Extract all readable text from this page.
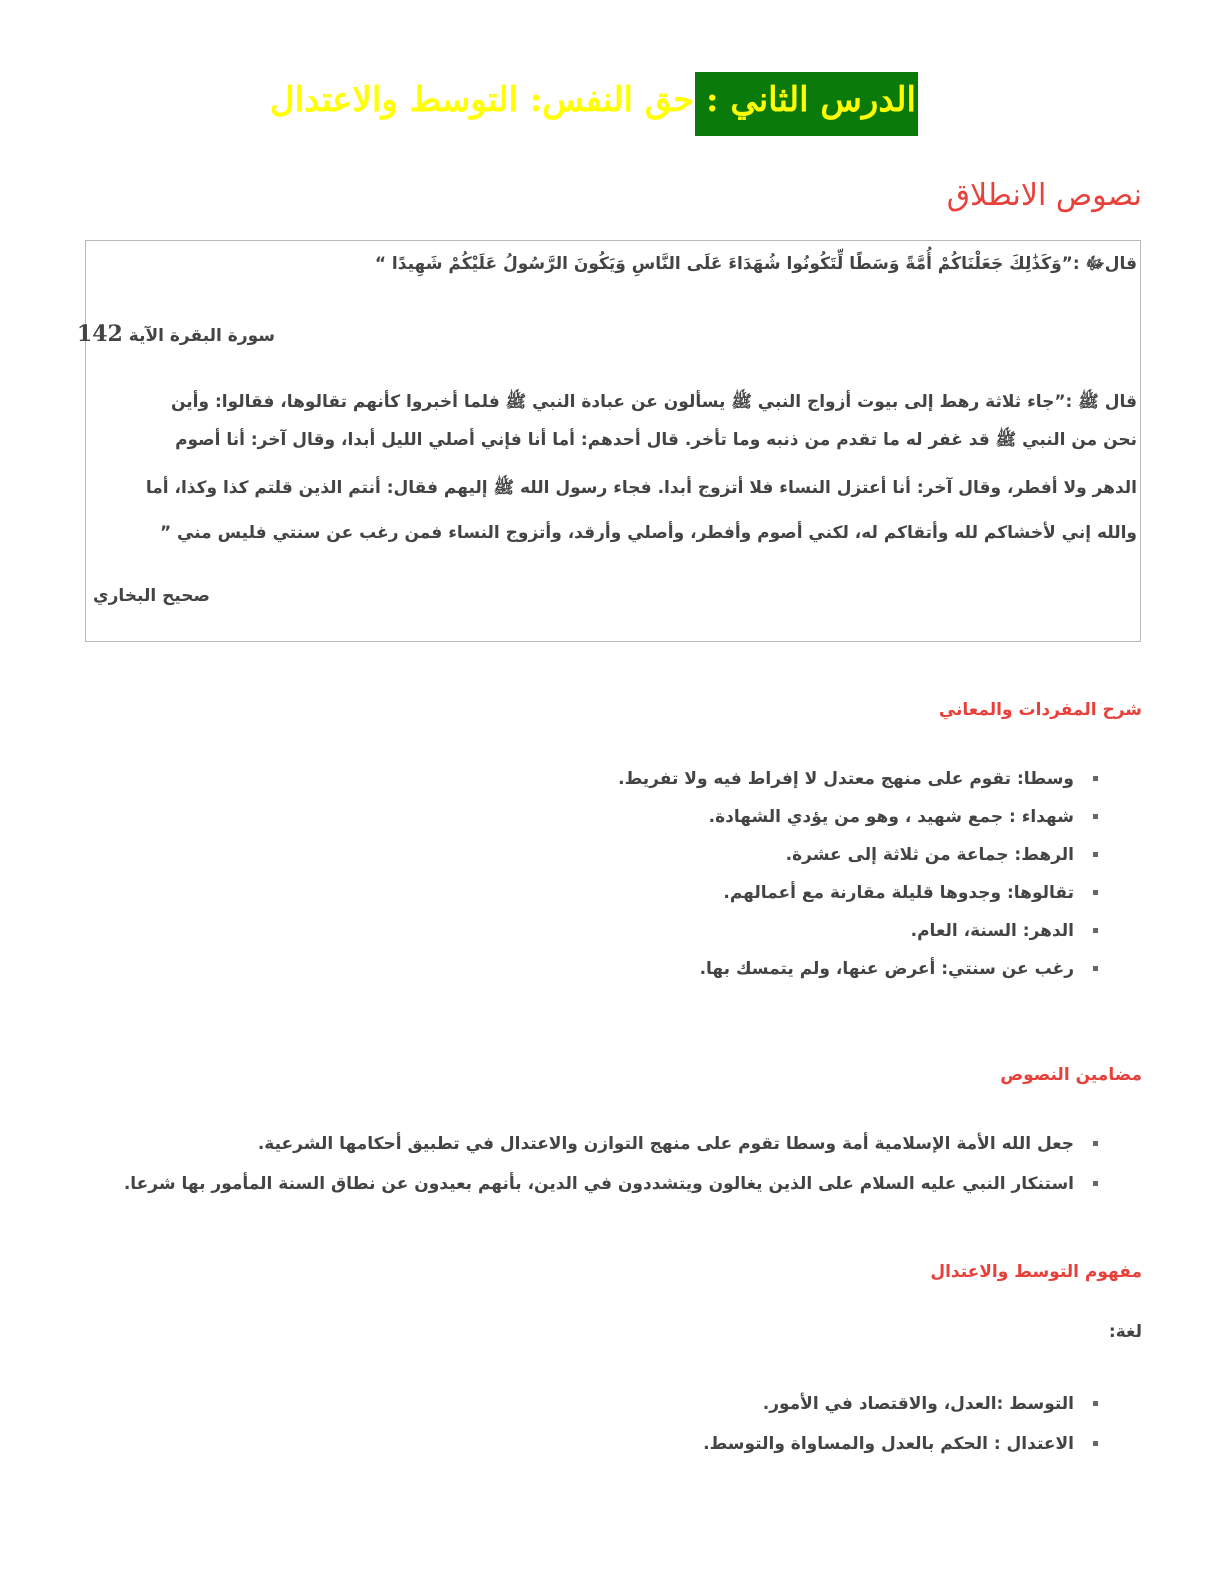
الدرس الثاني : حق النفس: التوسط والاعتدال
نصوص الانطلاق
قالﷻ :”وَكَذَٰلِكَ جَعَلْنَاكُمْ أُمَّةً وَسَطًا لِّتَكُونُوا شُهَدَاءَ عَلَى النَّاسِ وَيَكُونَ الرَّسُولُ عَلَيْكُمْ شَهِيدًا “
سورة البقرة الآية 142
قال ﷺ :”جاء ثلاثة رهط إلى بيوت أزواج النبي ﷺ يسألون عن عبادة النبي ﷺ فلما أخبروا كأنهم تقالوها، فقالوا: وأين
نحن من النبي ﷺ قد غفر له ما تقدم من ذنبه وما تأخر. قال أحدهم: أما أنا فإني أصلي الليل أبدا، وقال آخر: أنا أصوم
الدهر ولا أفطر، وقال آخر: أنا أعتزل النساء فلا أتزوج أبدا. فجاء رسول الله ﷺ إليهم فقال: أنتم الذين قلتم كذا وكذا، أما
والله إني لأخشاكم لله وأتقاكم له، لكني أصوم وأفطر، وأصلي وأرقد، وأتزوج النساء فمن رغب عن سنتي فليس مني ”
صحيح البخاري
شرح المفردات والمعاني
وسطا: تقوم على منهج معتدل لا إفراط فيه ولا تفريط.
شهداء : جمع شهيد ، وهو من يؤدي الشهادة.
الرهط: جماعة من ثلاثة إلى عشرة.
تقالوها: وجدوها قليلة مقارنة مع أعمالهم.
الدهر: السنة، العام.
رغب عن سنتي: أعرض عنها، ولم يتمسك بها.
مضامين النصوص
جعل الله الأمة الإسلامية أمة وسطا تقوم على منهج التوازن والاعتدال في تطبيق أحكامها الشرعية.
استنكار النبي عليه السلام على الذين يغالون ويتشددون في الدين، بأنهم بعيدون عن نطاق السنة المأمور بها شرعا.
مفهوم التوسط والاعتدال
لغة:
التوسط :العدل، والاقتصاد في الأمور.
الاعتدال : الحكم بالعدل والمساواة والتوسط.
